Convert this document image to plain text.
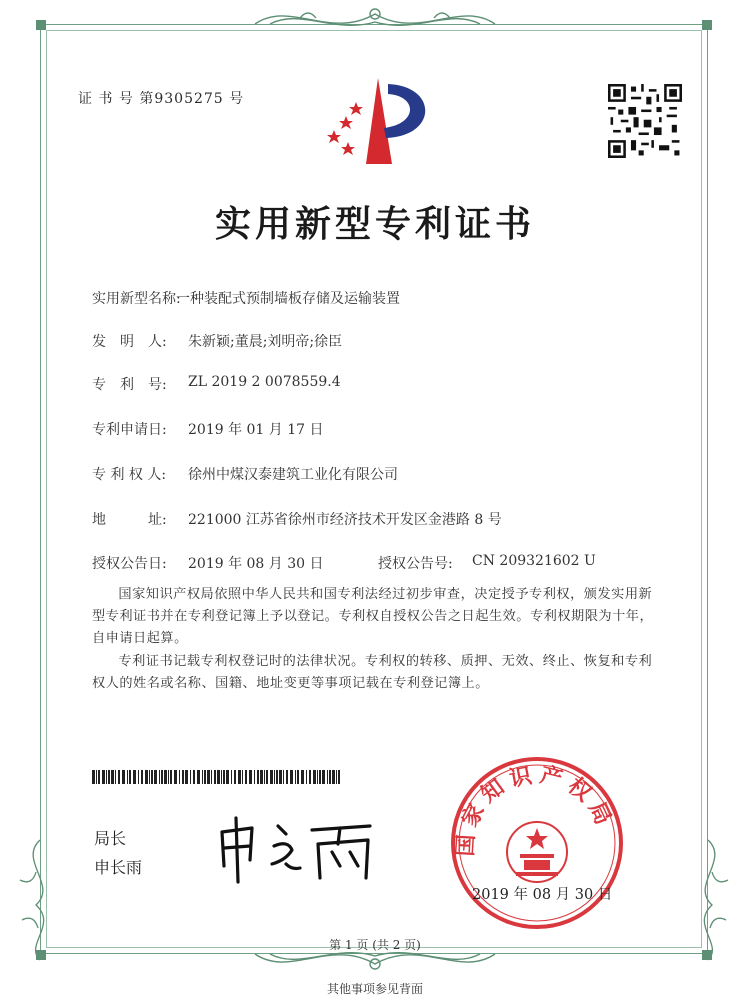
证 书 号 第9305275 号
实用新型专利证书
实用新型名称:
一种装配式预制墙板存储及运输装置
发　明　人: 朱新颖;董晨;刘明帝;徐臣
专　利　号: ZL 2019 2 0078559.4
专利申请日: 2019 年 01 月 17 日
专 利 权 人: 徐州中煤汉泰建筑工业化有限公司
地　　　址: 221000 江苏省徐州市经济技术开发区金港路 8 号
授权公告日: 2019 年 08 月 30 日	授权公告号: CN 209321602 U
国家知识产权局依照中华人民共和国专利法经过初步审查，决定授予专利权，颁发实用新型专利证书并在专利登记簿上予以登记。专利权自授权公告之日起生效。专利权期限为十年，自申请日起算。
专利证书记载专利权登记时的法律状况。专利权的转移、质押、无效、终止、恢复和专利权人的姓名或名称、国籍、地址变更等事项记载在专利登记簿上。
局长
申长雨
国家知识产权局
2019 年 08 月 30 日
第 1 页 (共 2 页)
其他事项参见背面
